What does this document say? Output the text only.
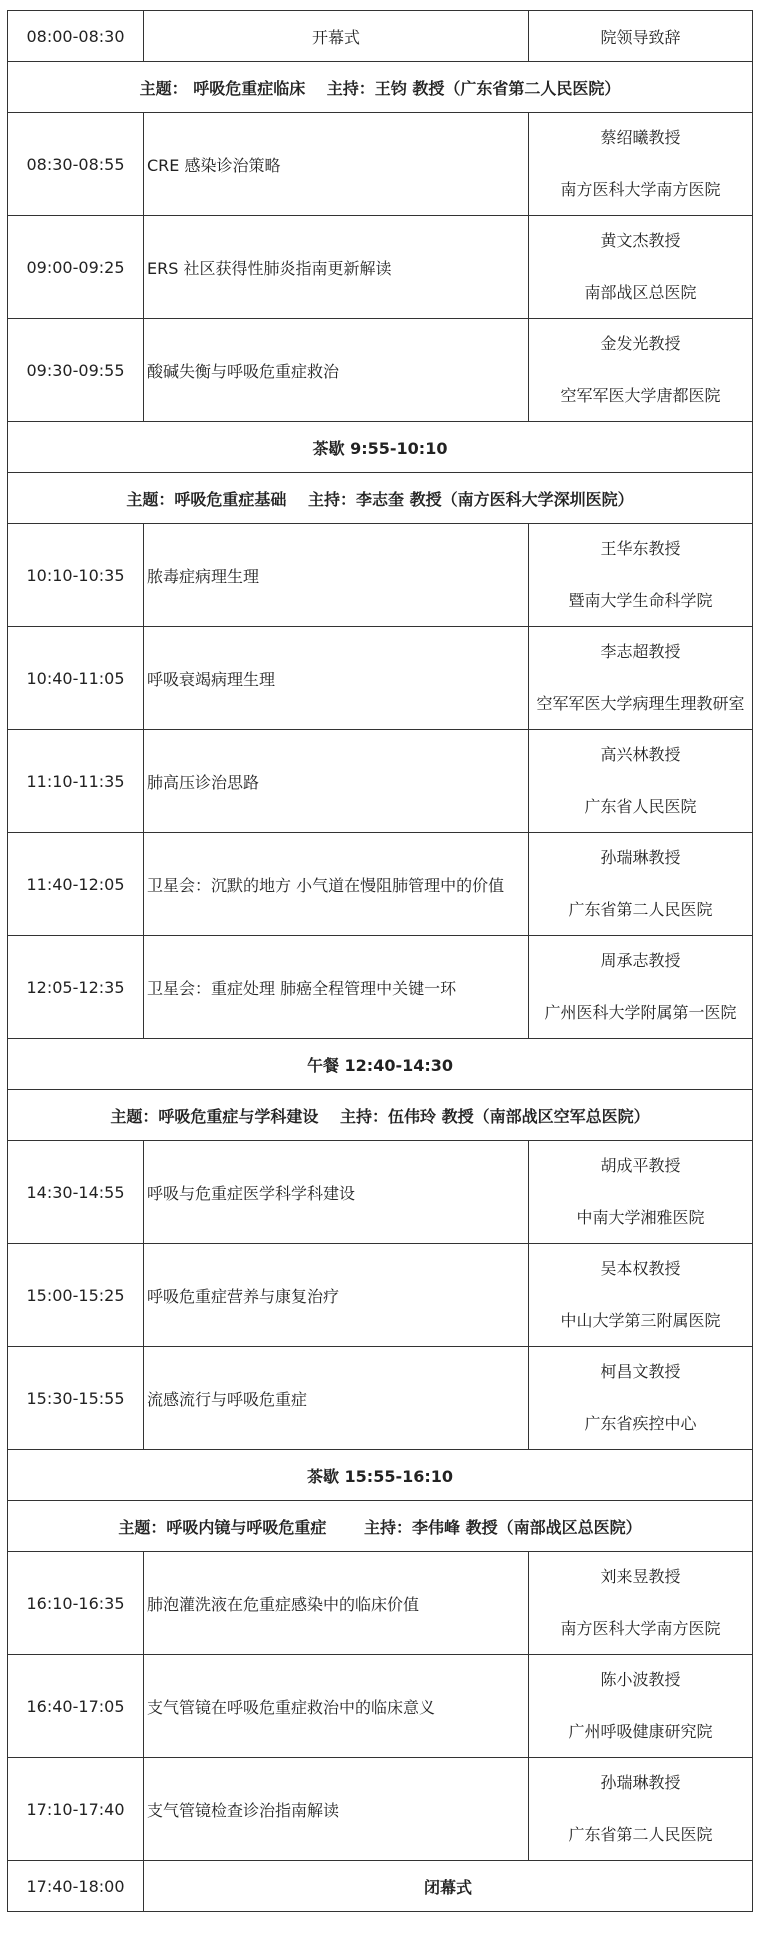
08:00-08:30	开幕式	院领导致辞
主题： 呼吸危重症临床　 主持：王钧 教授（广东省第二人民医院）		
08:30-08:55	CRE 感染诊治策略	蔡绍曦教授
南方医科大学南方医院

09:00-09:25	ERS 社区获得性肺炎指南更新解读	黄文杰教授
南部战区总医院

09:30-09:55	酸碱失衡与呼吸危重症救治	金发光教授
空军军医大学唐都医院

茶歇 9:55-10:10		
主题：呼吸危重症基础　 主持：李志奎 教授（南方医科大学深圳医院）		
10:10-10:35	脓毒症病理生理	王华东教授
暨南大学生命科学院

10:40-11:05	呼吸衰竭病理生理	李志超教授
空军军医大学病理生理教研室

11:10-11:35	肺高压诊治思路	高兴林教授
广东省人民医院

11:40-12:05	卫星会：沉默的地方 小气道在慢阻肺管理中的价值	孙瑞琳教授
广东省第二人民医院

12:05-12:35	卫星会：重症处理 肺癌全程管理中关键一环	周承志教授
广州医科大学附属第一医院

午餐 12:40-14:30		
主题：呼吸危重症与学科建设　 主持：伍伟玲 教授（南部战区空军总医院）		
14:30-14:55	呼吸与危重症医学科学科建设	胡成平教授
中南大学湘雅医院

15:00-15:25	呼吸危重症营养与康复治疗	吴本权教授
中山大学第三附属医院

15:30-15:55	流感流行与呼吸危重症	柯昌文教授
广东省疾控中心

茶歇 15:55-16:10		
主题：呼吸内镜与呼吸危重症　　 主持：李伟峰 教授（南部战区总医院）		
16:10-16:35	肺泡灌洗液在危重症感染中的临床价值	刘来昱教授
南方医科大学南方医院

16:40-17:05	支气管镜在呼吸危重症救治中的临床意义	陈小波教授
广州呼吸健康研究院

17:10-17:40	支气管镜检查诊治指南解读	孙瑞琳教授
广东省第二人民医院

17:40-18:00	闭幕式	
